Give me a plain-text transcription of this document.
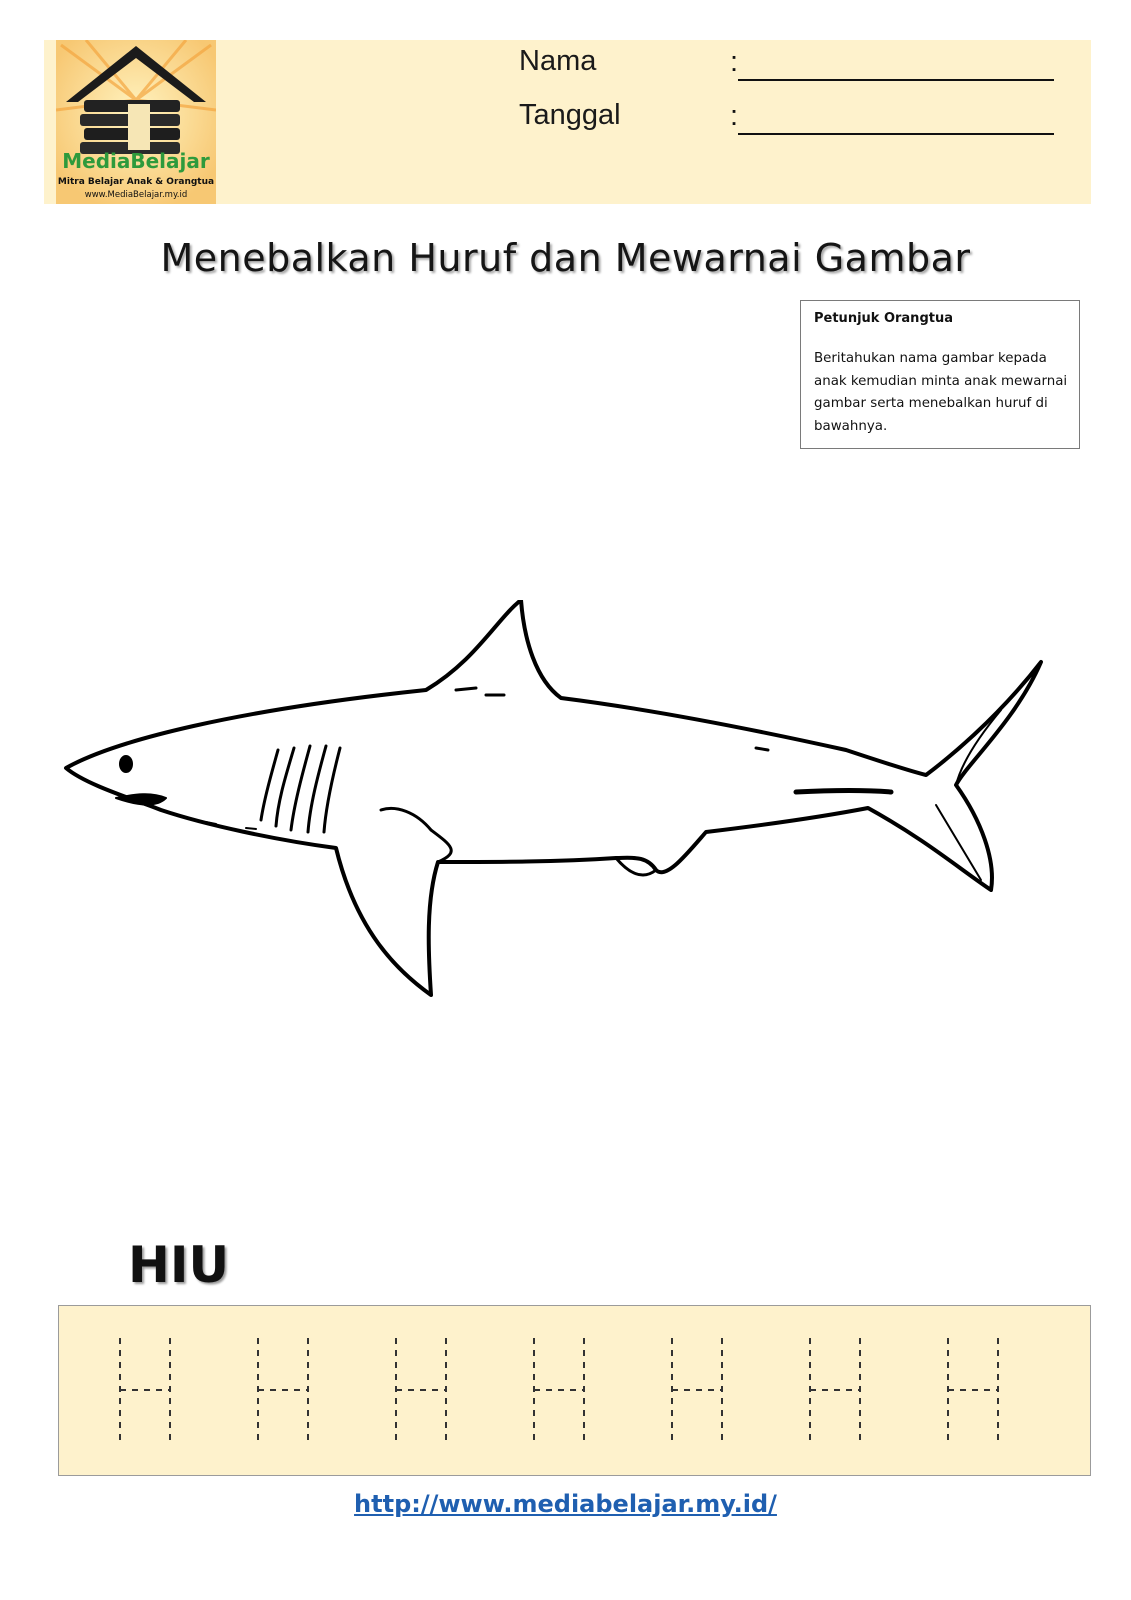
MediaBelajar
Mitra Belajar Anak & Orangtua
www.MediaBelajar.my.id
Nama	:
Tanggal	:
Menebalkan Huruf dan Mewarnai Gambar
Petunjuk Orangtua
Beritahukan nama gambar kepada anak kemudian minta anak mewarnai gambar serta menebalkan huruf di bawahnya.
HIU
http://www.mediabelajar.my.id/
